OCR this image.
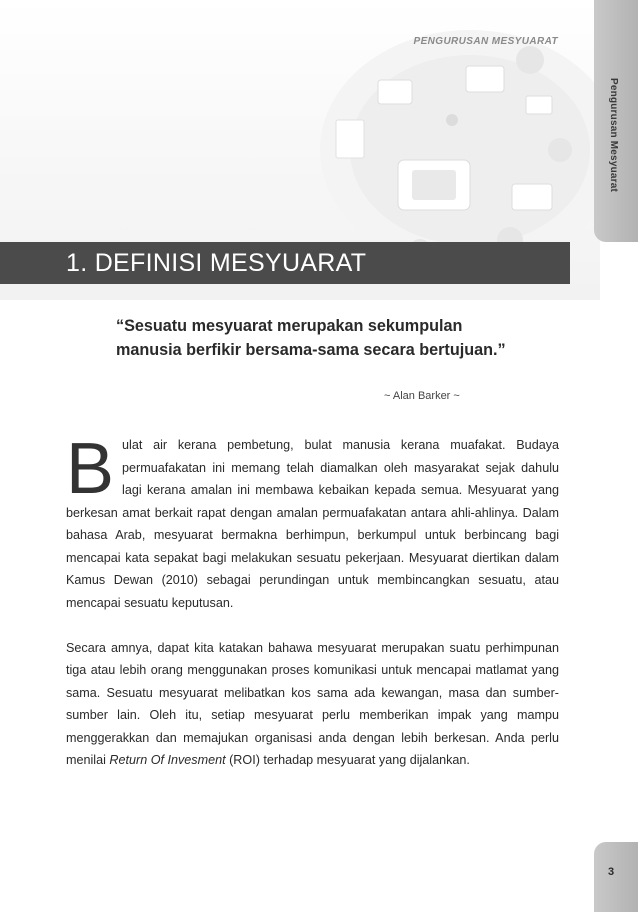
PENGURUSAN MESYUARAT
Pengurusan Mesyuarat
1. DEFINISI MESYUARAT
“Sesuatu mesyuarat merupakan sekumpulan manusia berfikir bersama-sama secara bertujuan.”
~ Alan Barker ~

Bulat air kerana pembetung, bulat manusia kerana muafakat. Budaya permuafakatan ini memang telah diamalkan oleh masyarakat sejak dahulu lagi kerana amalan ini membawa kebaikan kepada semua. Mesyuarat yang berkesan amat berkait rapat dengan amalan permuafakatan antara ahli-ahlinya. Dalam bahasa Arab, mesyuarat bermakna berhimpun, berkumpul untuk berbincang bagi mencapai kata sepakat bagi melakukan sesuatu pekerjaan. Mesyuarat diertikan dalam Kamus Dewan (2010) sebagai perundingan untuk membincangkan sesuatu, atau mencapai sesuatu keputusan.

Secara amnya, dapat kita katakan bahawa mesyuarat merupakan suatu perhimpunan tiga atau lebih orang menggunakan proses komunikasi untuk mencapai matlamat yang sama. Sesuatu mesyuarat melibatkan kos sama ada kewangan, masa dan sumber-sumber lain. Oleh itu, setiap mesyuarat perlu memberikan impak yang mampu menggerakkan dan memajukan organisasi anda dengan lebih berkesan. Anda perlu menilai Return Of Invesment (ROI) terhadap mesyuarat yang dijalankan.

3
